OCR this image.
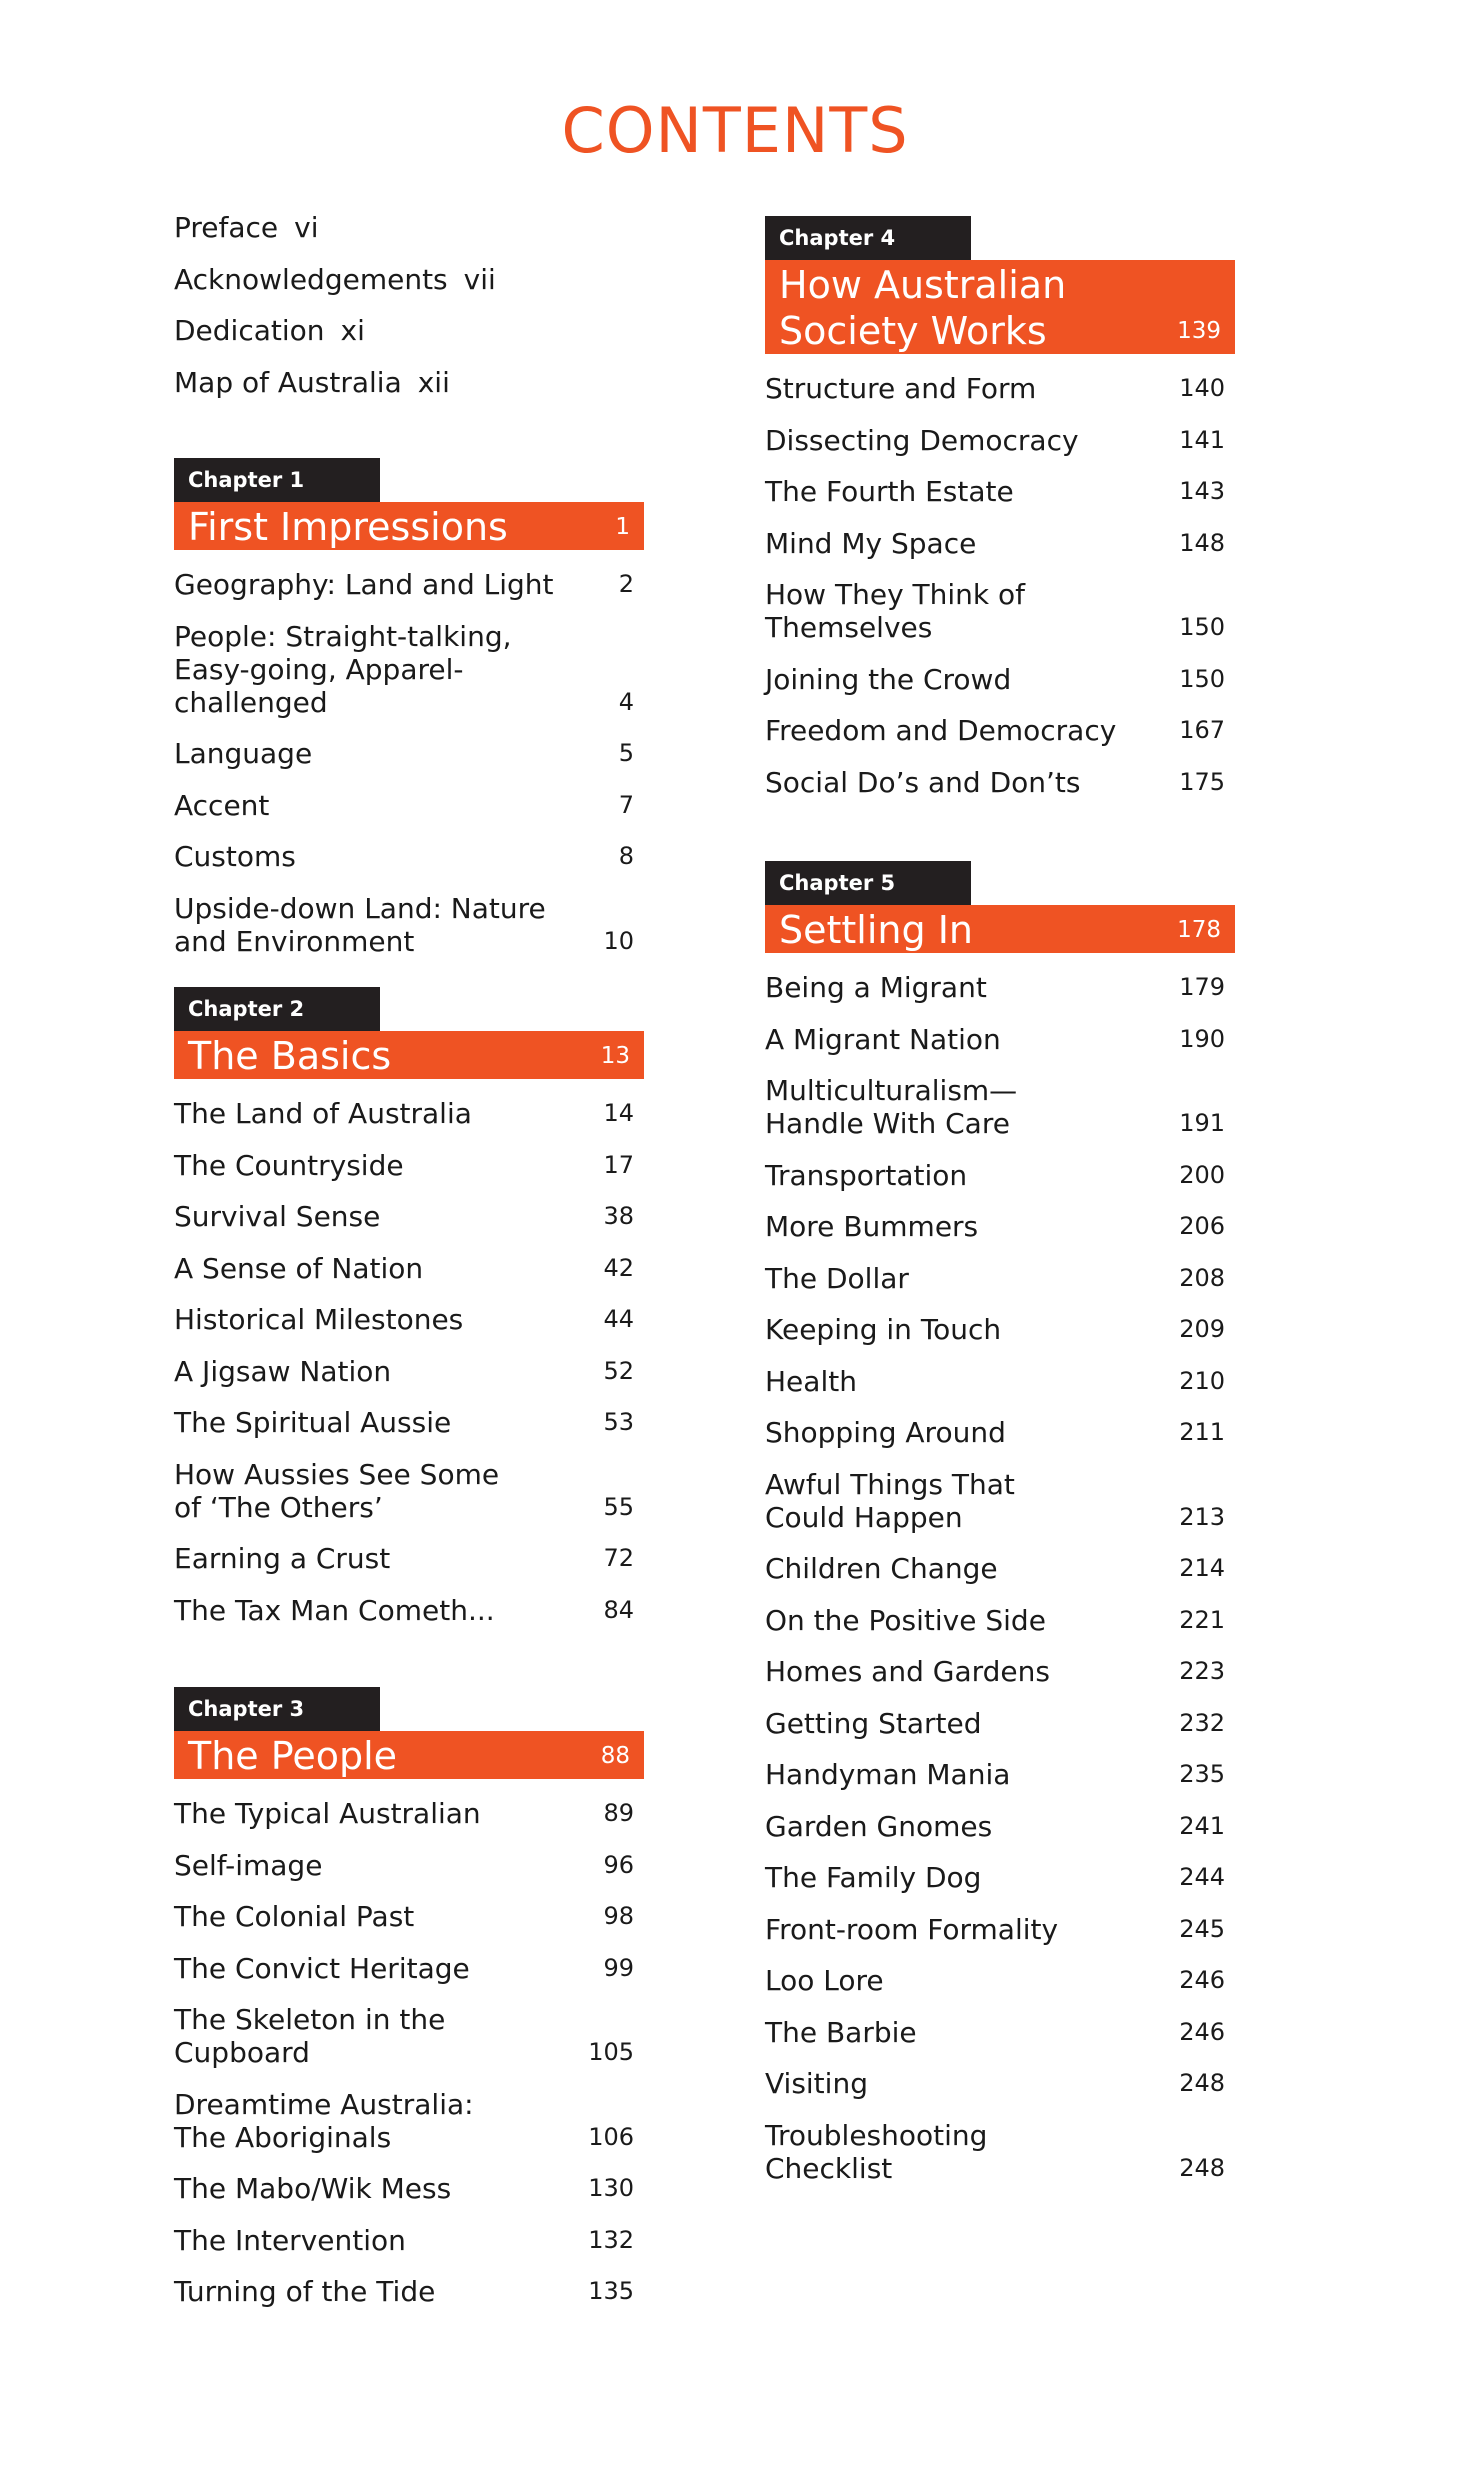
CONTENTS
Preface vi
Acknowledgements vii
Dedication xi
Map of Australia xii
Chapter 1
First Impressions	1
Geography: Land and Light	2
People: Straight-talking,
Easy-going, Apparel-challenged	4
Language	5
Accent	7
Customs	8
Upside-down Land: Nature
and Environment	10
Chapter 2
The Basics	13
The Land of Australia	14
The Countryside	17
Survival Sense	38
A Sense of Nation	42
Historical Milestones	44
A Jigsaw Nation	52
The Spiritual Aussie	53
How Aussies See Some
of ‘The Others’	55
Earning a Crust	72
The Tax Man Cometh...	84
Chapter 3
The People	88
The Typical Australian	89
Self-image	96
The Colonial Past	98
The Convict Heritage	99
The Skeleton in the Cupboard	105
Dreamtime Australia:
The Aboriginals	106
The Mabo/Wik Mess	130
The Intervention	132
Turning of the Tide	135
Chapter 4
How Australian
Society Works	139
Structure and Form	140
Dissecting Democracy	141
The Fourth Estate	143
Mind My Space	148
How They Think of
Themselves	150
Joining the Crowd	150
Freedom and Democracy	167
Social Do’s and Don’ts	175
Chapter 5
Settling In	178
Being a Migrant	179
A Migrant Nation	190
Multiculturalism—
Handle With Care	191
Transportation	200
More Bummers	206
The Dollar	208
Keeping in Touch	209
Health	210
Shopping Around	211
Awful Things That
Could Happen	213
Children Change	214
On the Positive Side	221
Homes and Gardens	223
Getting Started	232
Handyman Mania	235
Garden Gnomes	241
The Family Dog	244
Front-room Formality	245
Loo Lore	246
The Barbie	246
Visiting	248
Troubleshooting
Checklist	248
